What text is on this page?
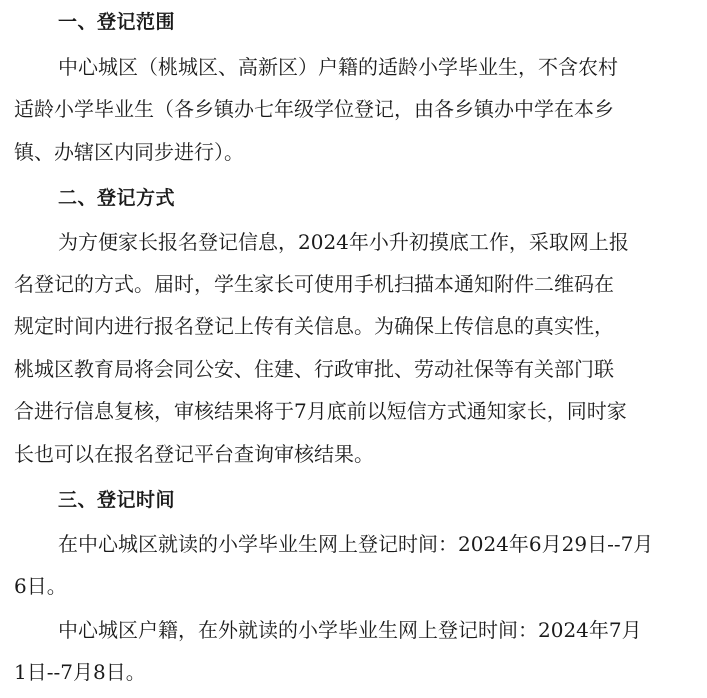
一、登记范围
中心城区（桃城区、高新区）户籍的适龄小学毕业生，不含农村
适龄小学毕业生（各乡镇办七年级学位登记，由各乡镇办中学在本乡
镇、办辖区内同步进行）。
二、登记方式
为方便家长报名登记信息，2024年小升初摸底工作，采取网上报
名登记的方式。届时，学生家长可使用手机扫描本通知附件二维码在
规定时间内进行报名登记上传有关信息。为确保上传信息的真实性，
桃城区教育局将会同公安、住建、行政审批、劳动社保等有关部门联
合进行信息复核，审核结果将于7月底前以短信方式通知家长，同时家
长也可以在报名登记平台查询审核结果。
三、登记时间
在中心城区就读的小学毕业生网上登记时间：2024年6月29日--7月
6日。
中心城区户籍，在外就读的小学毕业生网上登记时间：2024年7月
1日--7月8日。
